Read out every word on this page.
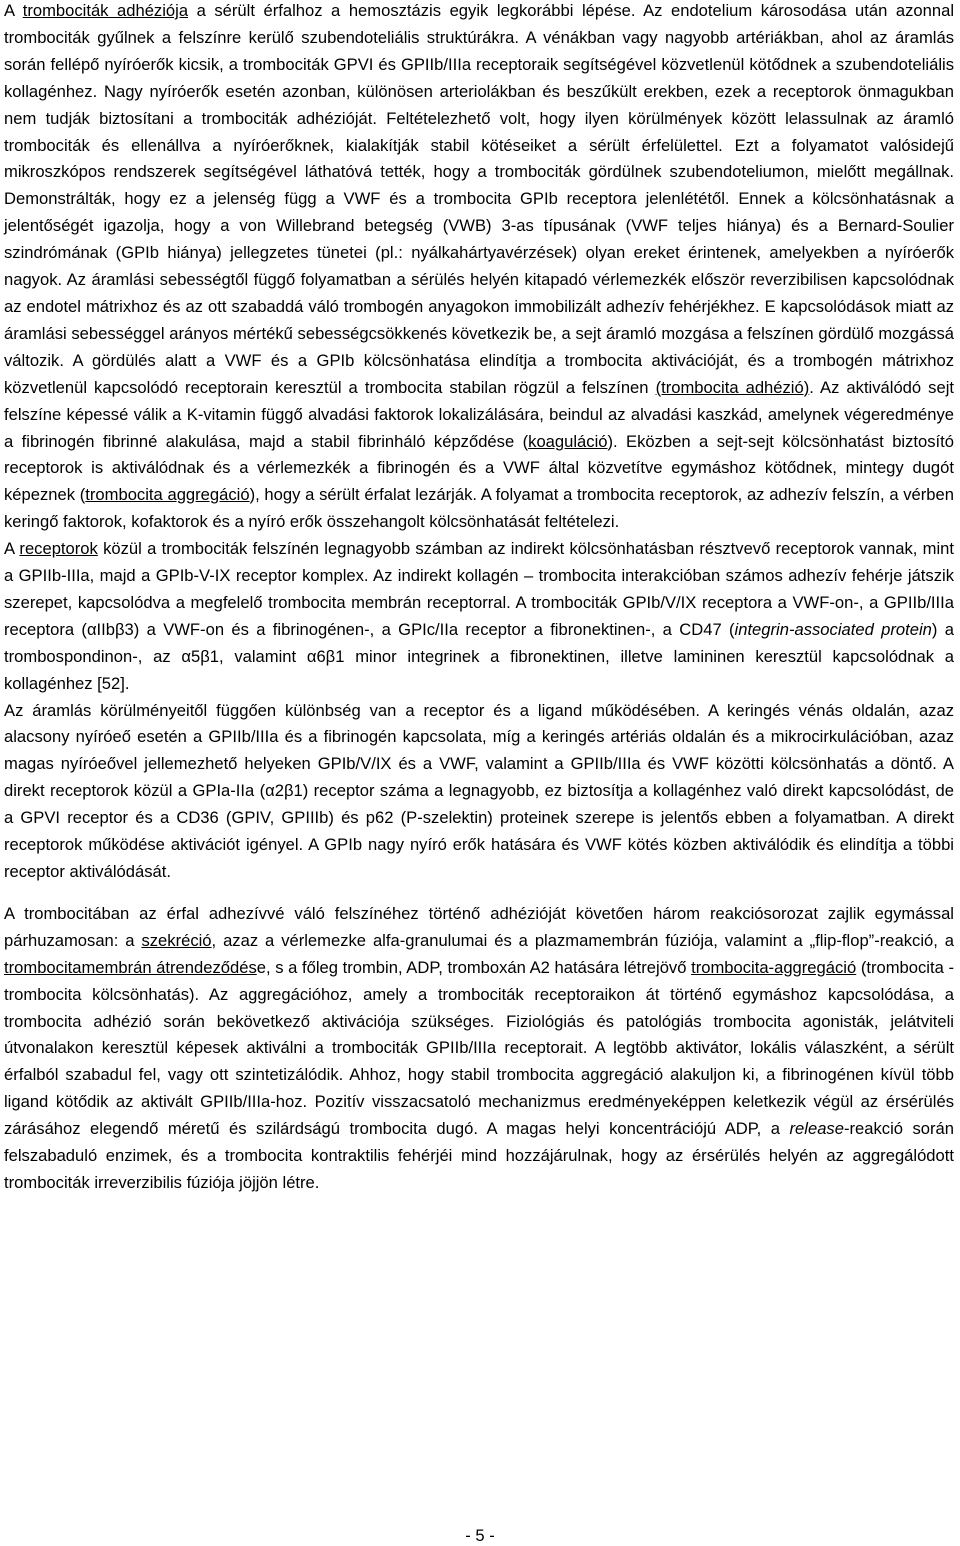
A trombociták adhéziója a sérült érfalhoz a hemosztázis egyik legkorábbi lépése. Az endotelium károsodása után azonnal trombociták gyűlnek a felszínre kerülő szubendoteliális struktúrákra. A vénákban vagy nagyobb artériákban, ahol az áramlás során fellépő nyíróerők kicsik, a trombociták GPVI és GPIIb/IIIa receptoraik segítségével közvetlenül kötődnek a szubendoteliális kollagénhez. Nagy nyíróerők esetén azonban, különösen arteriolákban és beszűkült erekben, ezek a receptorok önmagukban nem tudják biztosítani a trombociták adhézióját. Feltételezhető volt, hogy ilyen körülmények között lelassulnak az áramló trombociták és ellenállva a nyíróerőknek, kialakítják stabil kötéseiket a sérült érfelülettel. Ezt a folyamatot valósidejű mikroszkópos rendszerek segítségével láthatóvá tették, hogy a trombociták gördülnek szubendoteliumon, mielőtt megállnak. Demonstrálták, hogy ez a jelenség függ a VWF és a trombocita GPIb receptora jelenlététől. Ennek a kölcsönhatásnak a jelentőségét igazolja, hogy a von Willebrand betegség (VWB) 3-as típusának (VWF teljes hiánya) és a Bernard-Soulier szindrómának (GPIb hiánya) jellegzetes tünetei (pl.: nyálkahártyavérzések) olyan ereket érintenek, amelyekben a nyíróerők nagyok. Az áramlási sebességtől függő folyamatban a sérülés helyén kitapadó vérlemezkék először reverzibilisen kapcsolódnak az endotel mátrixhoz és az ott szabaddá váló trombogén anyagokon immobilizált adhezív fehérjékhez. E kapcsolódások miatt az áramlási sebességgel arányos mértékű sebességcsökkenés következik be, a sejt áramló mozgása a felszínen gördülő mozgássá változik. A gördülés alatt a VWF és a GPIb kölcsönhatása elindítja a trombocita aktivációját, és a trombogén mátrixhoz közvetlenül kapcsolódó receptorain keresztül a trombocita stabilan rögzül a felszínen (trombocita adhézió). Az aktiválódó sejt felszíne képessé válik a K-vitamin függő alvadási faktorok lokalizálására, beindul az alvadási kaszkád, amelynek végeredménye a fibrinogén fibrinné alakulása, majd a stabil fibrinháló képződése (koaguláció). Eközben a sejt-sejt kölcsönhatást biztosító receptorok is aktiválódnak és a vérlemezkék a fibrinogén és a VWF által közvetítve egymáshoz kötődnek, mintegy dugót képeznek (trombocita aggregáció), hogy a sérült érfalat lezárják. A folyamat a trombocita receptorok, az adhezív felszín, a vérben keringő faktorok, kofaktorok és a nyíró erők összehangolt kölcsönhatását feltételezi.

A receptorok közül a trombociták felszínén legnagyobb számban az indirekt kölcsönhatásban résztvevő receptorok vannak, mint a GPIIb-IIIa, majd a GPIb-V-IX receptor komplex. Az indirekt kollagén – trombocita interakcióban számos adhezív fehérje játszik szerepet, kapcsolódva a megfelelő trombocita membrán receptorral. A trombociták GPIb/V/IX receptora a VWF-on-, a GPIIb/IIIa receptora (αIIbβ3) a VWF-on és a fibrinogénen-, a GPIc/IIa receptor a fibronektinen-, a CD47 (integrin-associated protein) a trombospondinon-, az α5β1, valamint α6β1 minor integrinek a fibronektinen, illetve lamininen keresztül kapcsolódnak a kollagénhez [52].

Az áramlás körülményeitől függően különbség van a receptor és a ligand működésében. A keringés vénás oldalán, azaz alacsony nyíróeő esetén a GPIIb/IIIa és a fibrinogén kapcsolata, míg a keringés artériás oldalán és a mikrocirkulációban, azaz magas nyíróeővel jellemezhető helyeken GPIb/V/IX és a VWF, valamint a GPIIb/IIIa és VWF közötti kölcsönhatás a döntő. A direkt receptorok közül a GPIa-IIa (α2β1) receptor száma a legnagyobb, ez biztosítja a kollagénhez való direkt kapcsolódást, de a GPVI receptor és a CD36 (GPIV, GPIIIb) és p62 (P-szelektin) proteinek szerepe is jelentős ebben a folyamatban. A direkt receptorok működése aktivációt igényel. A GPIb nagy nyíró erők hatására és VWF kötés közben aktiválódik és elindítja a többi receptor aktiválódását.

A trombocitában az érfal adhezívvé váló felszínéhez történő adhézióját követően három reakciósorozat zajlik egymással párhuzamosan: a szekréció, azaz a vérlemezke alfa-granulumai és a plazmamembrán fúziója, valamint a „flip-flop”-reakció, a trombocitamembrán átrendeződése, s a főleg trombin, ADP, tromboxán A2 hatására létrejövő trombocita-aggregáció (trombocita - trombocita kölcsönhatás). Az aggregációhoz, amely a trombociták receptoraikon át történő egymáshoz kapcsolódása, a trombocita adhézió során bekövetkező aktivációja szükséges. Fiziológiás és patológiás trombocita agonisták, jelátviteli útvonalakon keresztül képesek aktiválni a trombociták GPIIb/IIIa receptorait. A legtöbb aktivátor, lokális válaszként, a sérült érfalból szabadul fel, vagy ott szintetizálódik. Ahhoz, hogy stabil trombocita aggregáció alakuljon ki, a fibrinogénen kívül több ligand kötődik az aktivált GPIIb/IIIa-hoz. Pozitív visszacsatoló mechanizmus eredményeképpen keletkezik végül az érsérülés zárásához elegendő méretű és szilárdságú trombocita dugó. A magas helyi koncentrációjú ADP, a release-reakció során felszabaduló enzimek, és a trombocita kontraktilis fehérjéi mind hozzájárulnak, hogy az érsérülés helyén az aggregálódott trombociták irreverzibilis fúziója jöjjön létre.

- 5 -
